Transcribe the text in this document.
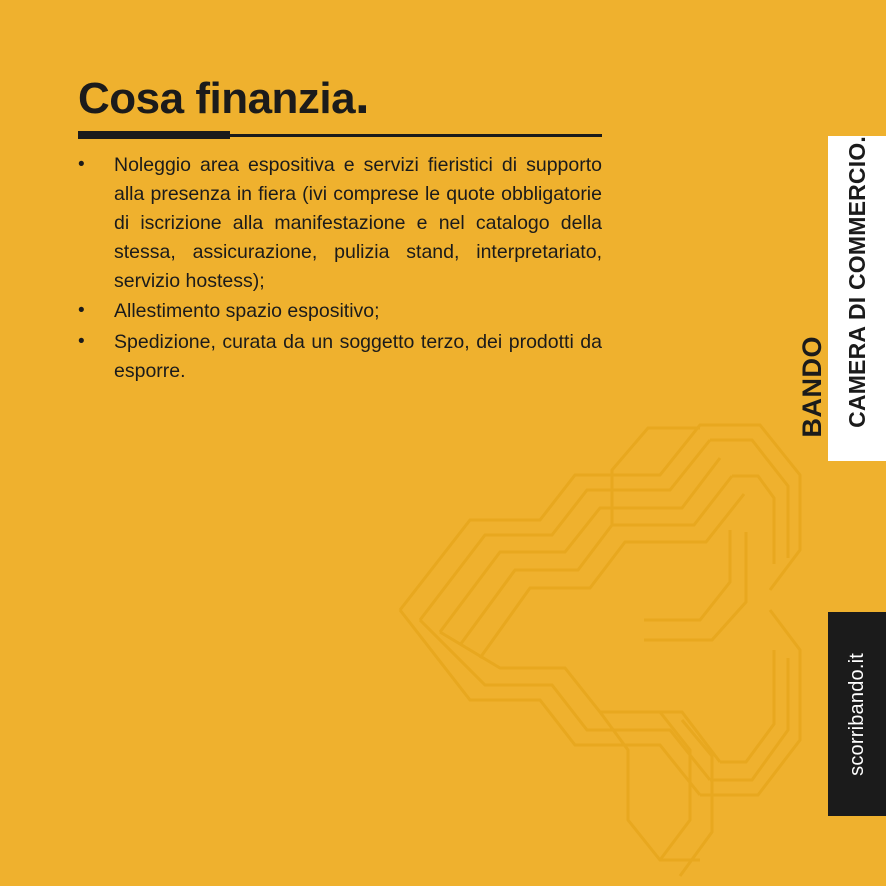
Cosa finanzia.
• Noleggio area espositiva e servizi fieristici di supporto alla presenza in fiera (ivi comprese le quote obbligatorie di iscrizione alla manifestazione e nel catalogo della stessa, assicurazione, pulizia stand, interpretariato, servizio hostess);
• Allestimento spazio espositivo;
• Spedizione, curata da un soggetto terzo, dei prodotti da esporre.	CAMERA DI COMMERCIO.
BANDO
scorribando.it
